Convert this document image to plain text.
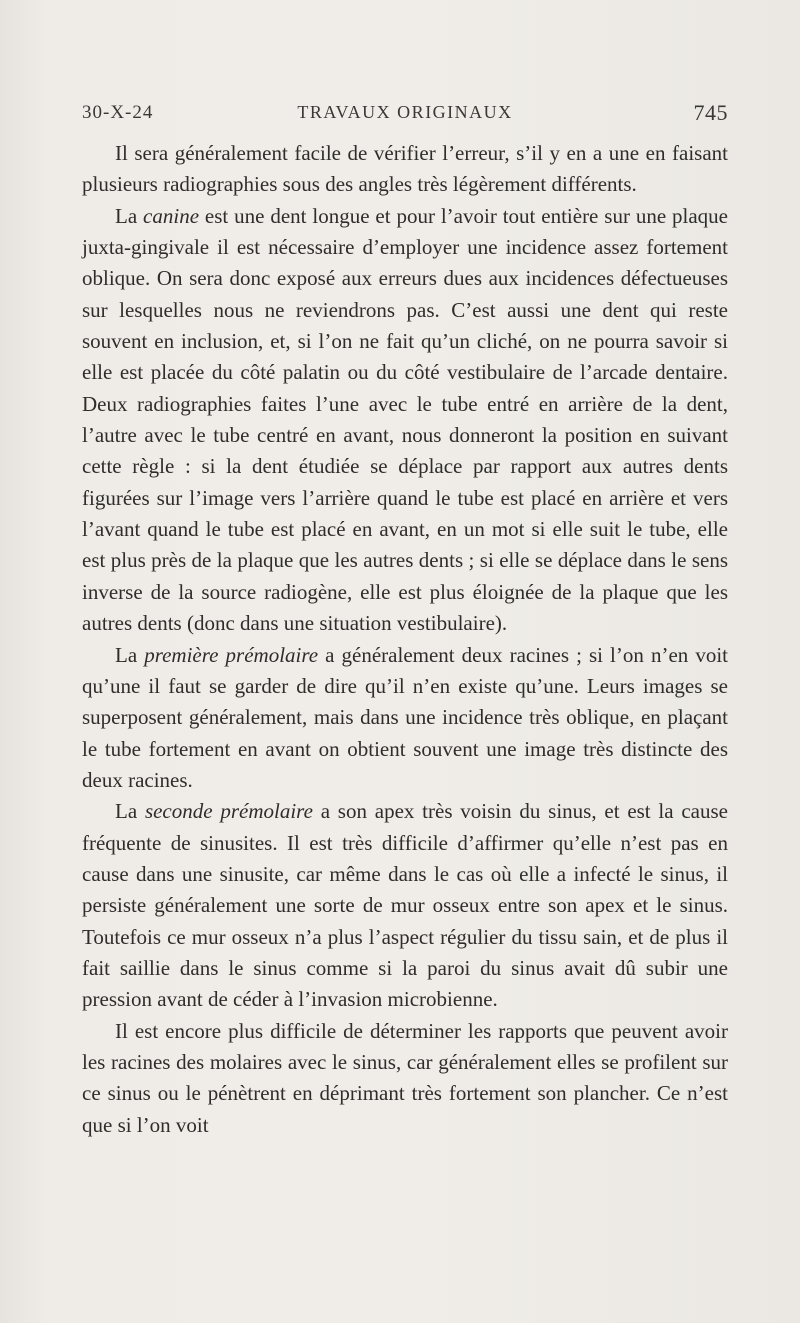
30-X-24	TRAVAUX ORIGINAUX	745

Il sera généralement facile de vérifier l’erreur, s’il y en a une en faisant plusieurs radiographies sous des angles très légèrement différents.

La canine est une dent longue et pour l’avoir tout entière sur une plaque juxta-gingivale il est nécessaire d’employer une incidence assez fortement oblique. On sera donc exposé aux erreurs dues aux incidences défectueuses sur lesquelles nous ne reviendrons pas. C’est aussi une dent qui reste souvent en inclusion, et, si l’on ne fait qu’un cliché, on ne pourra savoir si elle est placée du côté palatin ou du côté vestibulaire de l’arcade dentaire. Deux radiographies faites l’une avec le tube entré en arrière de la dent, l’autre avec le tube centré en avant, nous donneront la position en suivant cette règle : si la dent étudiée se déplace par rapport aux autres dents figurées sur l’image vers l’arrière quand le tube est placé en arrière et vers l’avant quand le tube est placé en avant, en un mot si elle suit le tube, elle est plus près de la plaque que les autres dents ; si elle se déplace dans le sens inverse de la source radiogène, elle est plus éloignée de la plaque que les autres dents (donc dans une situation vestibulaire).

La première prémolaire a généralement deux racines ; si l’on n’en voit qu’une il faut se garder de dire qu’il n’en existe qu’une. Leurs images se superposent généralement, mais dans une incidence très oblique, en plaçant le tube fortement en avant on obtient souvent une image très distincte des deux racines.

La seconde prémolaire a son apex très voisin du sinus, et est la cause fréquente de sinusites. Il est très difficile d’affirmer qu’elle n’est pas en cause dans une sinusite, car même dans le cas où elle a infecté le sinus, il persiste généralement une sorte de mur osseux entre son apex et le sinus. Toutefois ce mur osseux n’a plus l’aspect régulier du tissu sain, et de plus il fait saillie dans le sinus comme si la paroi du sinus avait dû subir une pression avant de céder à l’invasion microbienne.

Il est encore plus difficile de déterminer les rapports que peuvent avoir les racines des molaires avec le sinus, car généralement elles se profilent sur ce sinus ou le pénètrent en déprimant très fortement son plancher. Ce n’est que si l’on voit
